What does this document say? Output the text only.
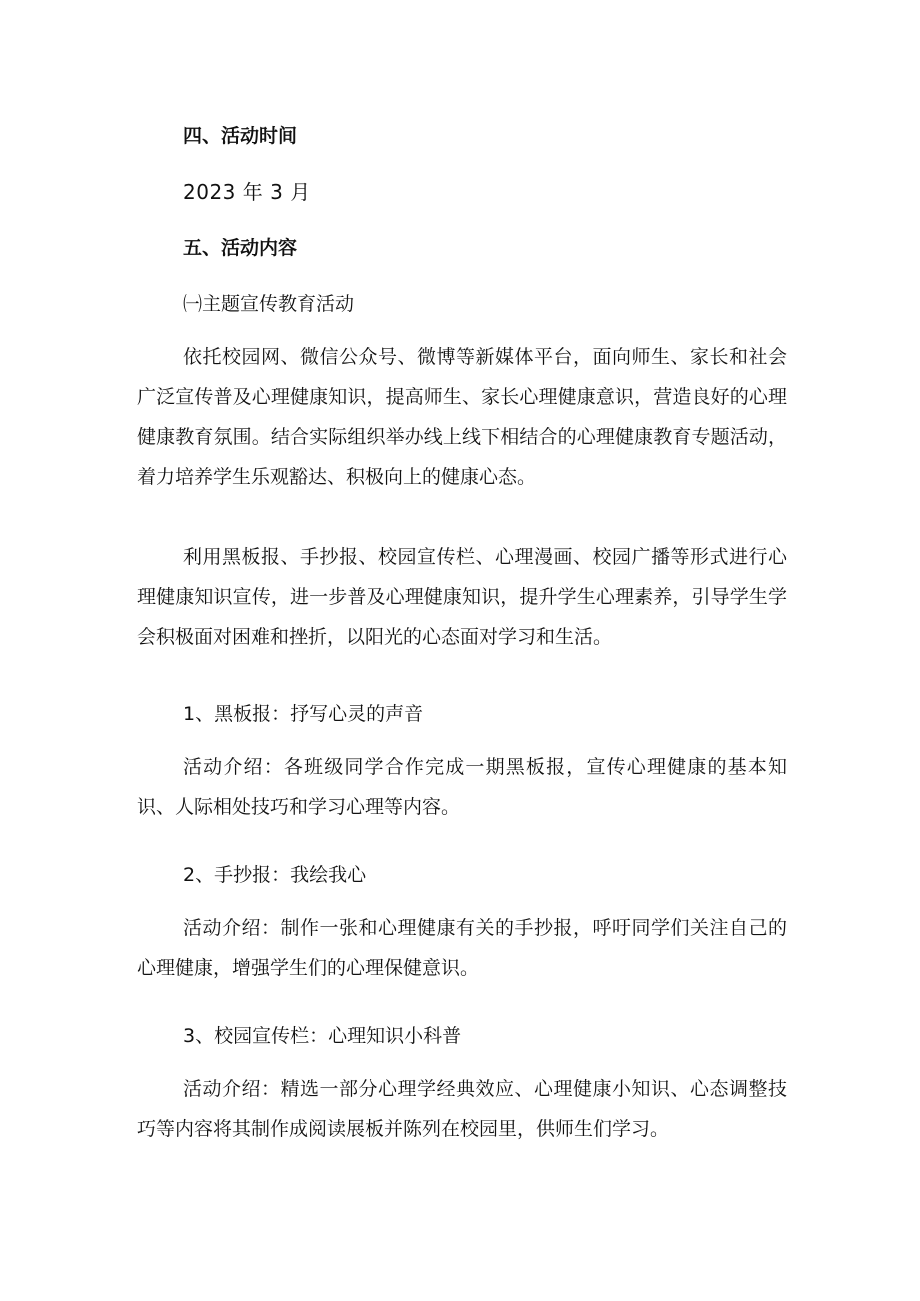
四、活动时间

2023 年 3 月

五、活动内容

㈠主题宣传教育活动

依托校园网、微信公众号、微博等新媒体平台，面向师生、家长和社会广泛宣传普及心理健康知识，提高师生、家长心理健康意识，营造良好的心理健康教育氛围。结合实际组织举办线上线下相结合的心理健康教育专题活动，着力培养学生乐观豁达、积极向上的健康心态。

利用黑板报、手抄报、校园宣传栏、心理漫画、校园广播等形式进行心理健康知识宣传，进一步普及心理健康知识，提升学生心理素养，引导学生学会积极面对困难和挫折，以阳光的心态面对学习和生活。

1、黑板报：抒写心灵的声音

活动介绍：各班级同学合作完成一期黑板报，宣传心理健康的基本知识、人际相处技巧和学习心理等内容。

2、手抄报：我绘我心

活动介绍：制作一张和心理健康有关的手抄报，呼吁同学们关注自己的心理健康，增强学生们的心理保健意识。

3、校园宣传栏：心理知识小科普

活动介绍：精选一部分心理学经典效应、心理健康小知识、心态调整技巧等内容将其制作成阅读展板并陈列在校园里，供师生们学习。
